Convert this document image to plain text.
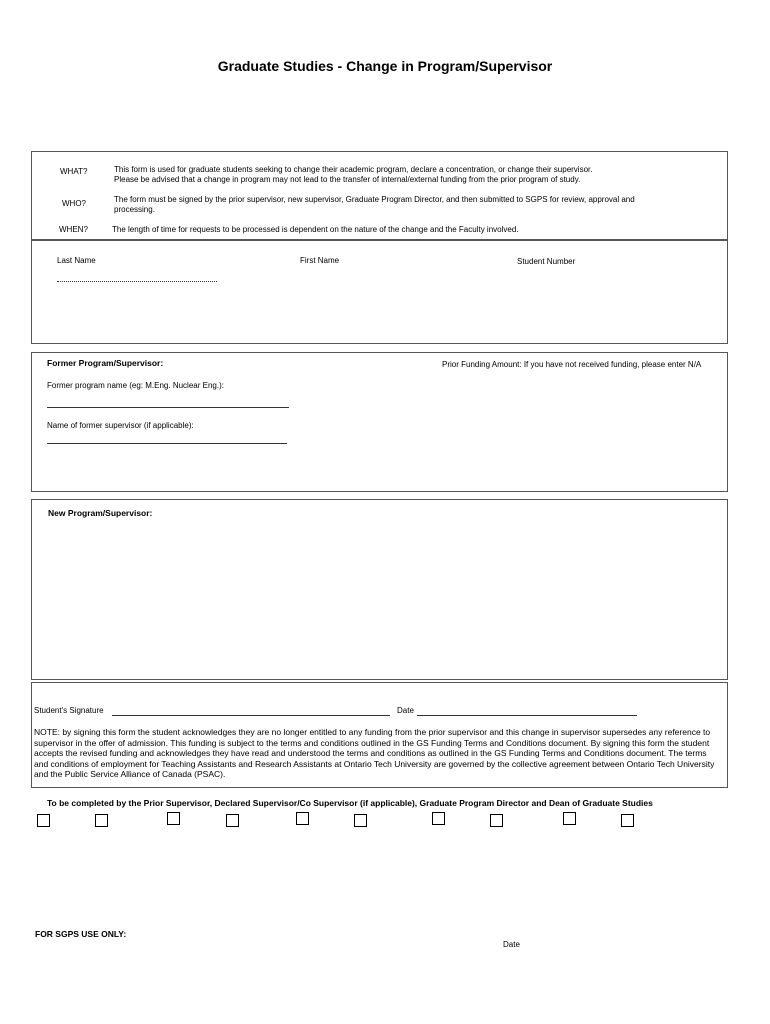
Graduate Studies - Change in Program/Supervisor
WHAT?	This form is used for graduate students seeking to change their academic program, declare a concentration, or change their supervisor.
Please be advised that a change in program may not lead to the transfer of internal/external funding from the prior program of study.
WHO?	The form must be signed by the prior supervisor, new supervisor, Graduate Program Director, and then submitted to SGPS for review, approval and
processing.
WHEN?	The length of time for requests to be processed is dependent on the nature of the change and the Faculty involved.
Last Name	First Name	Student Number
Former Program/Supervisor:	Prior Funding Amount: If you have not received funding, please enter N/A
Former program name (eg: M.Eng. Nuclear Eng.):
Name of former supervisor (if applicable):
New Program/Supervisor:
Student's Signature	Date
NOTE: by signing this form the student acknowledges they are no longer entitled to any funding from the prior supervisor and this change in supervisor supersedes any reference to supervisor in the offer of admission. This funding is subject to the terms and conditions outlined in the GS Funding Terms and Conditions document. By signing this form the student accepts the revised funding and acknowledges they have read and understood the terms and conditions as outlined in the GS Funding Terms and Conditions document. The terms and conditions of employment for Teaching Assistants and Research Assistants at Ontario Tech University are governed by the collective agreement between Ontario Tech University and the Public Service Alliance of Canada (PSAC).
To be completed by the Prior Supervisor, Declared Supervisor/Co Supervisor (if applicable), Graduate Program Director and Dean of Graduate Studies
FOR SGPS USE ONLY:
Date
